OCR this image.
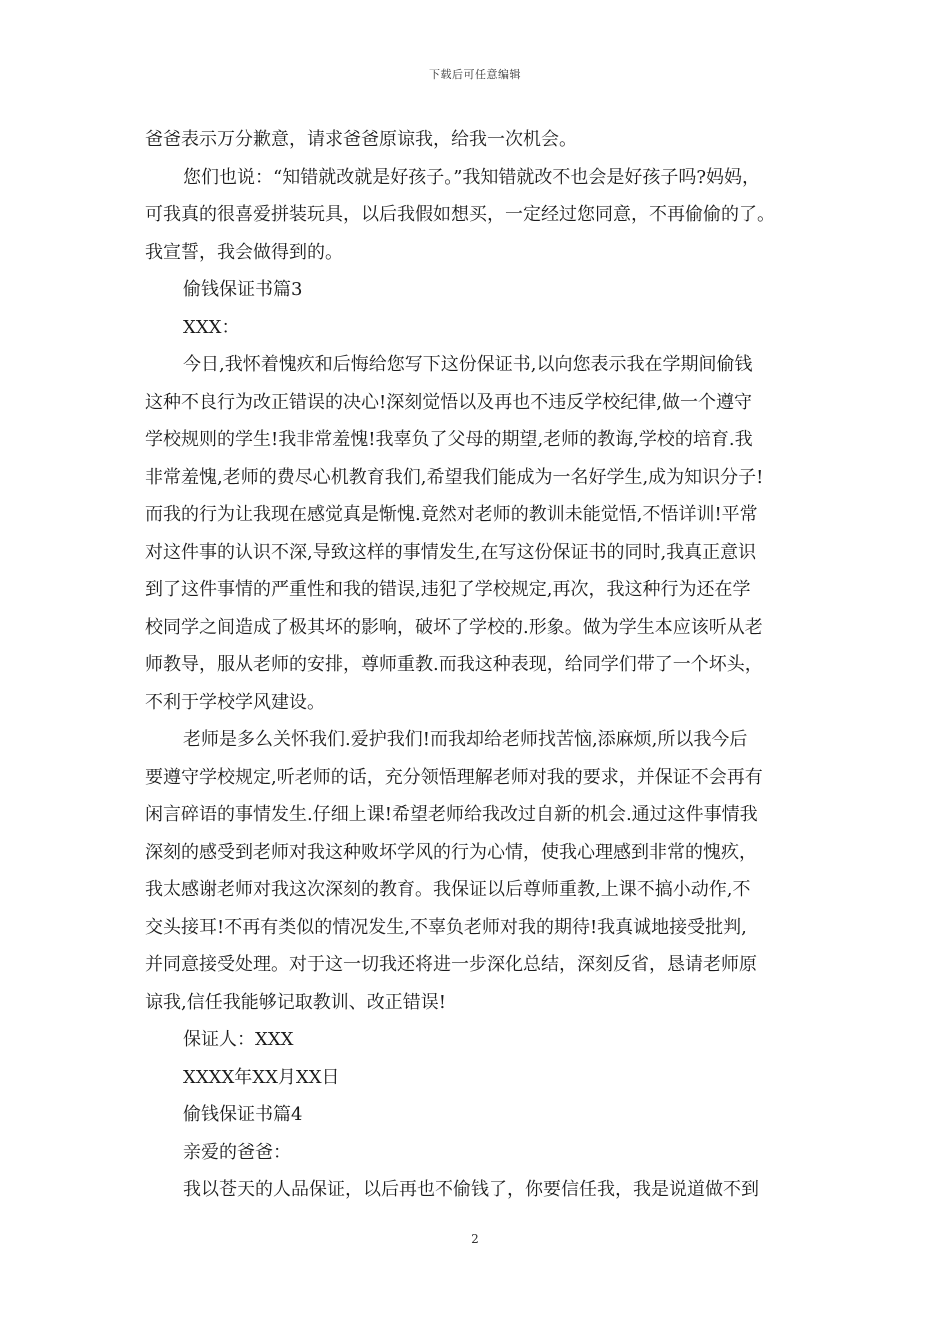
下载后可任意编辑
爸爸表示万分歉意，请求爸爸原谅我，给我一次机会。
您们也说：“知错就改就是好孩子。”我知错就改不也会是好孩子吗?妈妈，
可我真的很喜爱拼装玩具，以后我假如想买，一定经过您同意，不再偷偷的了。
我宣誓，我会做得到的。
偷钱保证书篇3
XXX：
今日,我怀着愧疚和后悔给您写下这份保证书,以向您表示我在学期间偷钱
这种不良行为改正错误的决心!深刻觉悟以及再也不违反学校纪律,做一个遵守
学校规则的学生!我非常羞愧!我辜负了父母的期望,老师的教诲,学校的培育.我
非常羞愧,老师的费尽心机教育我们,希望我们能成为一名好学生,成为知识分子!
而我的行为让我现在感觉真是惭愧.竟然对老师的教训未能觉悟,不悟详训!平常
对这件事的认识不深,导致这样的事情发生,在写这份保证书的同时,我真正意识
到了这件事情的严重性和我的错误,违犯了学校规定,再次，我这种行为还在学
校同学之间造成了极其坏的影响，破坏了学校的.形象。做为学生本应该听从老
师教导，服从老师的安排，尊师重教.而我这种表现，给同学们带了一个坏头，
不利于学校学风建设。
老师是多么关怀我们.爱护我们!而我却给老师找苦恼,添麻烦,所以我今后
要遵守学校规定,听老师的话，充分领悟理解老师对我的要求，并保证不会再有
闲言碎语的事情发生.仔细上课!希望老师给我改过自新的机会.通过这件事情我
深刻的感受到老师对我这种败坏学风的行为心情，使我心理感到非常的愧疚，
我太感谢老师对我这次深刻的教育。我保证以后尊师重教,上课不搞小动作,不
交头接耳!不再有类似的情况发生,不辜负老师对我的期待!我真诚地接受批判,
并同意接受处理。对于这一切我还将进一步深化总结，深刻反省，恳请老师原
谅我,信任我能够记取教训、改正错误!
保证人：XXX
XXXX年XX月XX日
偷钱保证书篇4
亲爱的爸爸：
我以苍天的人品保证，以后再也不偷钱了，你要信任我，我是说道做不到
2
